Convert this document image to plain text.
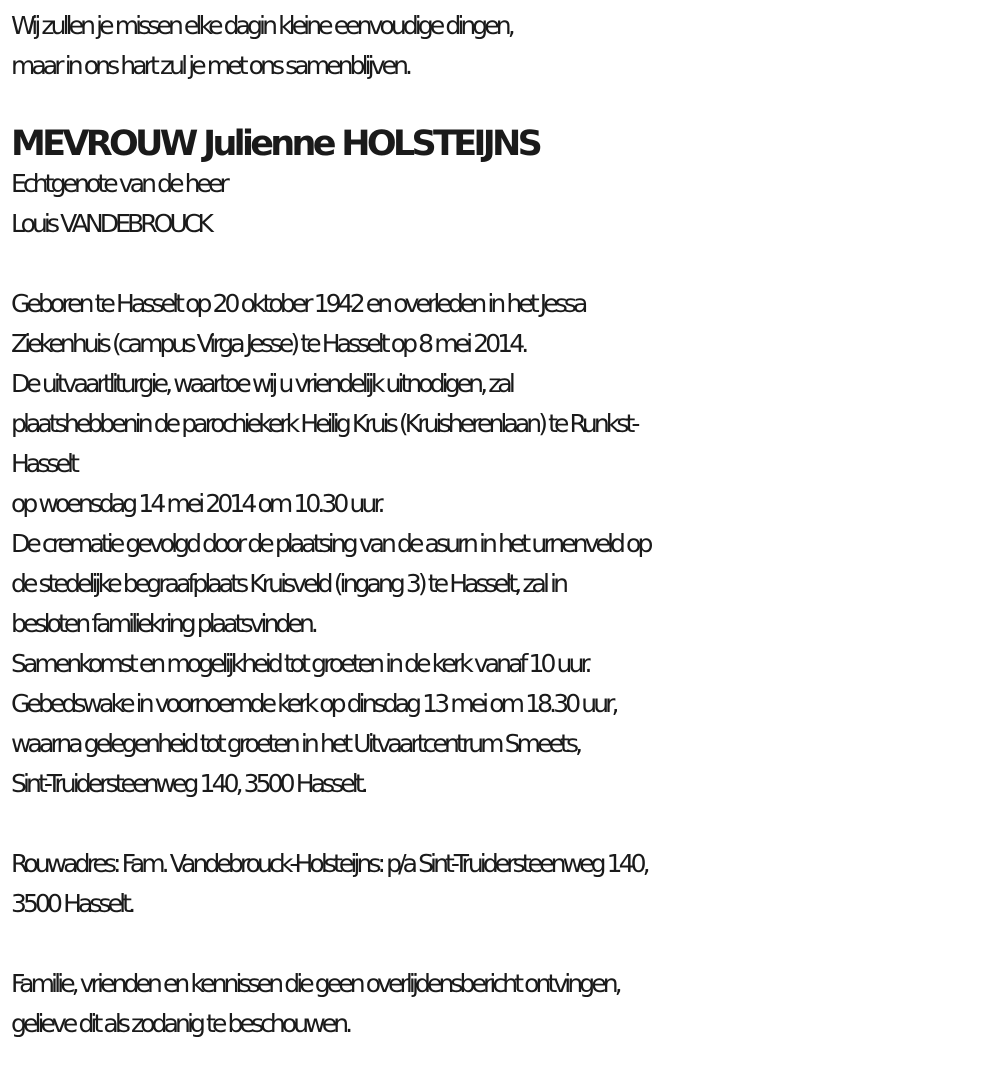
Wij zullen je missen elke dagin kleine eenvoudige dingen,
maar in ons hart zul je met ons samenblijven.
MEVROUW Julienne HOLSTEIJNS
Echtgenote van de heer
Louis VANDEBROUCK
Geboren te Hasselt op 20 oktober 1942 en overleden in het Jessa
Ziekenhuis (campus Virga Jesse) te Hasselt op 8 mei 2014.
De uitvaartliturgie, waartoe wij u vriendelijk uitnodigen, zal
plaatshebbenin de parochiekerk Heilig Kruis (Kruisherenlaan) te Runkst-
Hasselt
op woensdag 14 mei 2014 om 10.30 uur.
De crematie gevolgd door de plaatsing van de asurn in het urnenveld op
de stedelijke begraafplaats Kruisveld (ingang 3) te Hasselt, zal in
besloten familiekring plaatsvinden.
Samenkomst en mogelijkheid tot groeten in de kerk vanaf 10 uur.
Gebedswake in voornoemde kerk op dinsdag 13 mei om 18.30 uur,
waarna gelegenheid tot groeten in het Uitvaartcentrum Smeets,
Sint-Truidersteenweg 140, 3500 Hasselt.
Rouwadres: Fam. Vandebrouck-Holsteijns: p/a Sint-Truidersteenweg 140,
3500 Hasselt.
Familie, vrienden en kennissen die geen overlijdensbericht ontvingen,
gelieve dit als zodanig te beschouwen.
